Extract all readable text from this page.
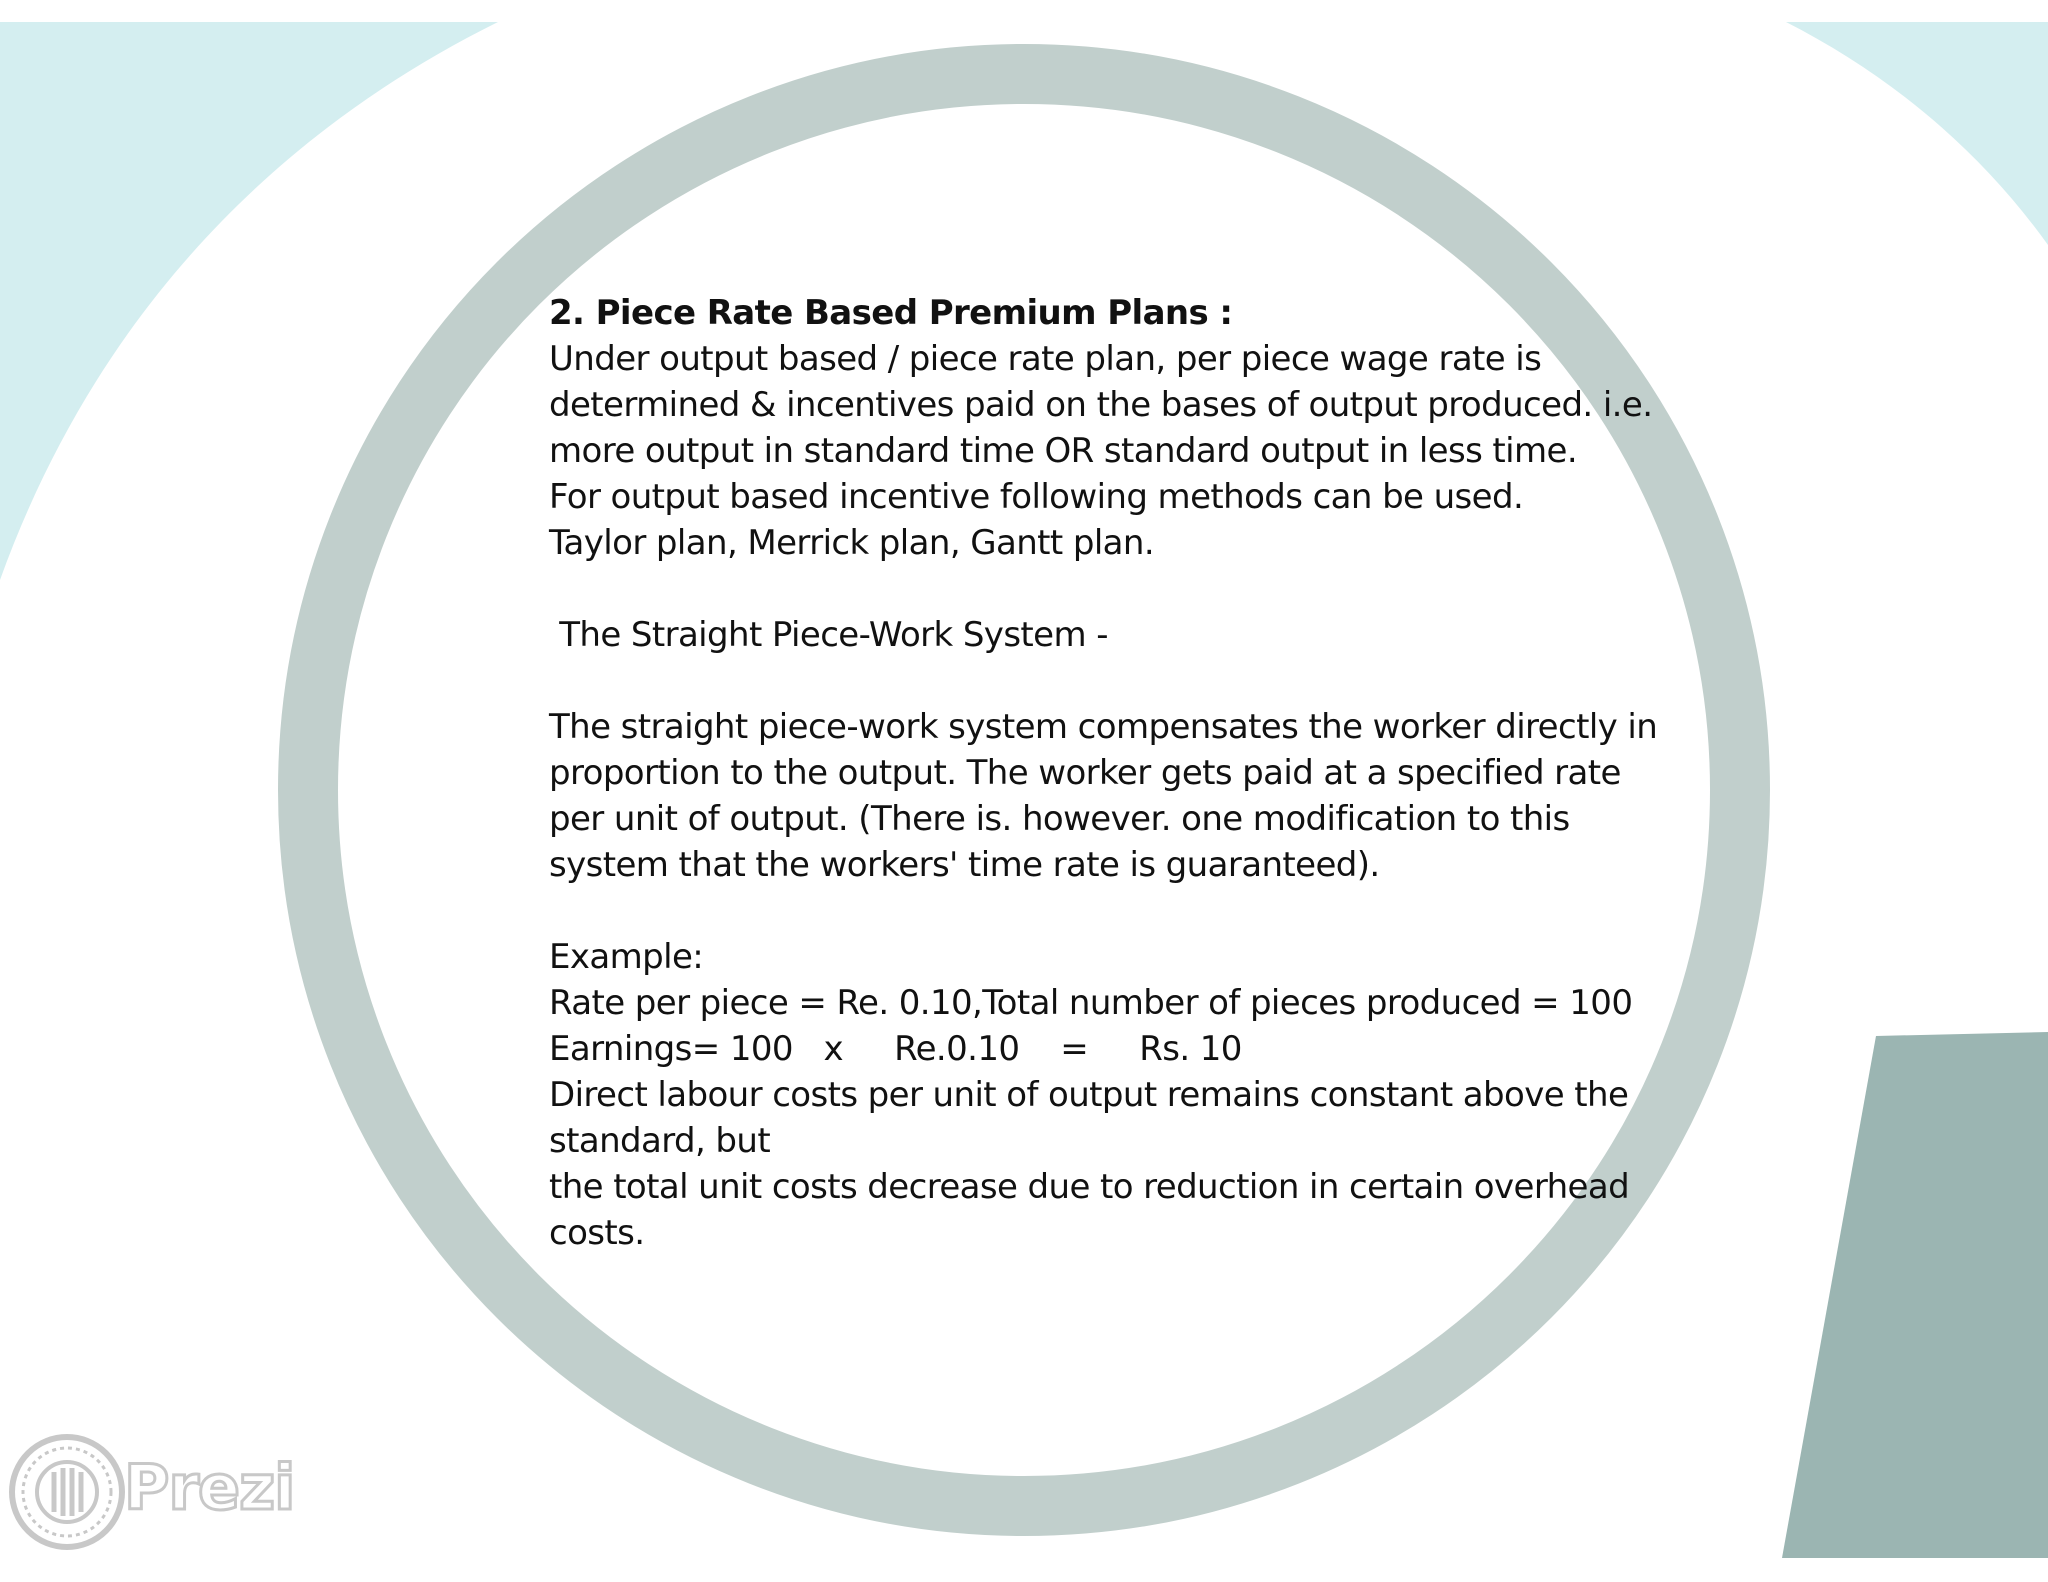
2. Piece Rate Based Premium Plans :
Under output based / piece rate plan, per piece wage rate is
determined & incentives paid on the bases of output produced. i.e.
more output in standard time OR standard output in less time.
For output based incentive following methods can be used.
Taylor plan, Merrick plan, Gantt plan.
The Straight Piece-Work System -
The straight piece-work system compensates the worker directly in
proportion to the output. The worker gets paid at a specified rate
per unit of output. (There is. however. one modification to this
system that the workers' time rate is guaranteed).
Example:
Rate per piece = Re. 0.10,Total number of pieces produced = 100
Earnings= 100   x     Re.0.10    =     Rs. 10
Direct labour costs per unit of output remains constant above the
standard, but
the total unit costs decrease due to reduction in certain overhead
costs.
Prezi
